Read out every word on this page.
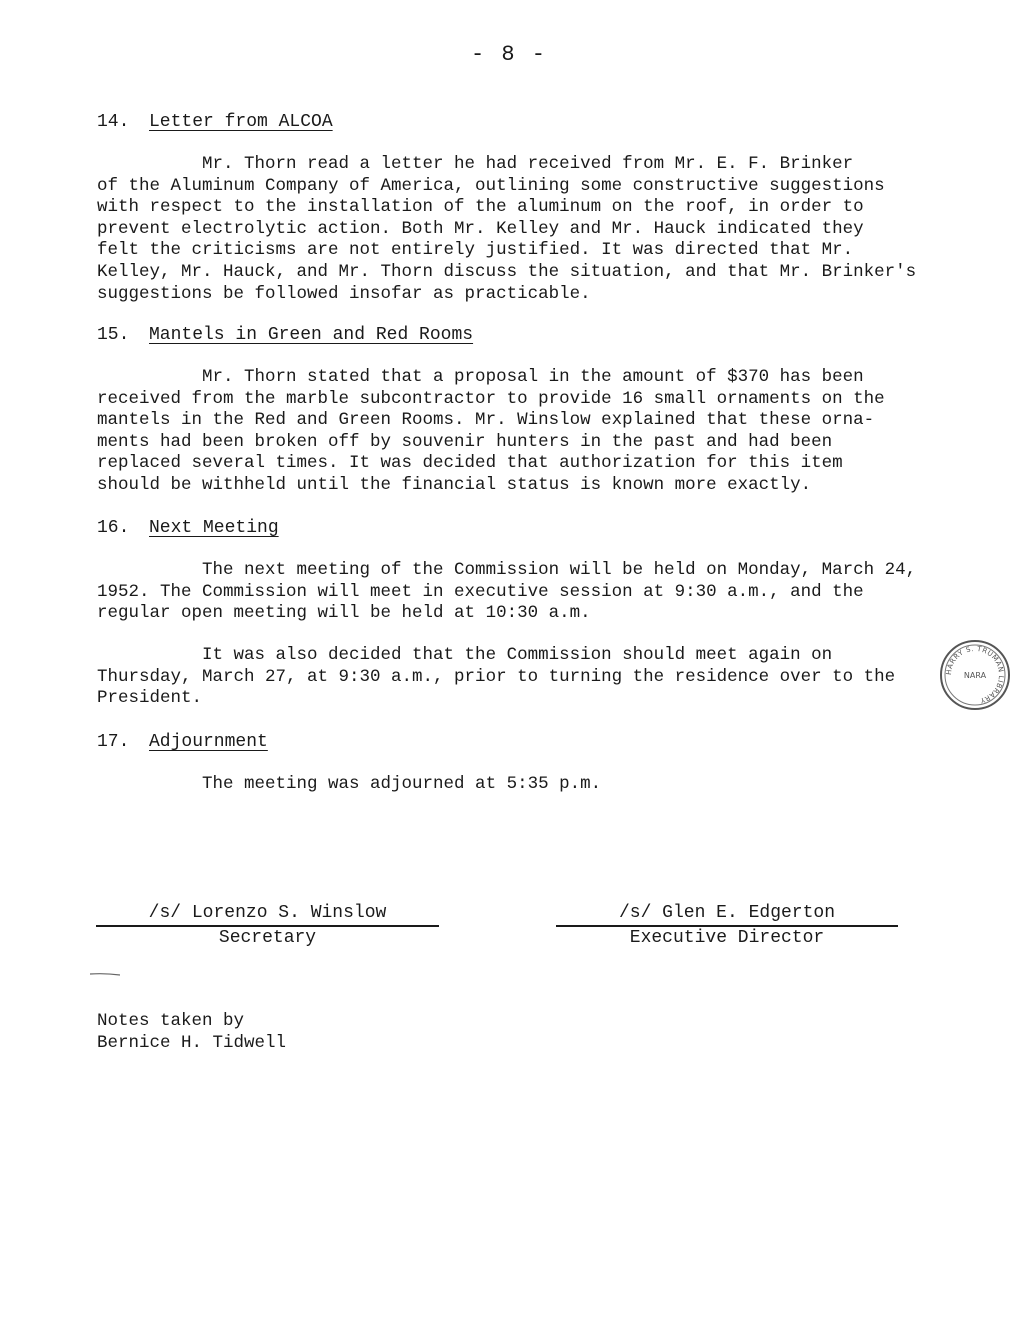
- 8 -
14. Letter from ALCOA

Mr. Thorn read a letter he had received from Mr. E. F. Brinker
of the Aluminum Company of America, outlining some constructive suggestions
with respect to the installation of the aluminum on the roof, in order to
prevent electrolytic action. Both Mr. Kelley and Mr. Hauck indicated they
felt the criticisms are not entirely justified. It was directed that Mr.
Kelley, Mr. Hauck, and Mr. Thorn discuss the situation, and that Mr. Brinker's
suggestions be followed insofar as practicable.

15. Mantels in Green and Red Rooms

Mr. Thorn stated that a proposal in the amount of $370 has been
received from the marble subcontractor to provide 16 small ornaments on the
mantels in the Red and Green Rooms. Mr. Winslow explained that these orna-
ments had been broken off by souvenir hunters in the past and had been
replaced several times. It was decided that authorization for this item
should be withheld until the financial status is known more exactly.

16. Next Meeting

The next meeting of the Commission will be held on Monday, March 24,
1952. The Commission will meet in executive session at 9:30 a.m., and the
regular open meeting will be held at 10:30 a.m.

It was also decided that the Commission should meet again on
Thursday, March 27, at 9:30 a.m., prior to turning the residence over to the
President.

17. Adjournment

The meeting was adjourned at 5:35 p.m.

/s/ Lorenzo S. Winslow
Secretary
/s/ Glen E. Edgerton
Executive Director
Notes taken by
Bernice H. Tidwell
HARRY S. TRUMAN LIBRARY
NARA
